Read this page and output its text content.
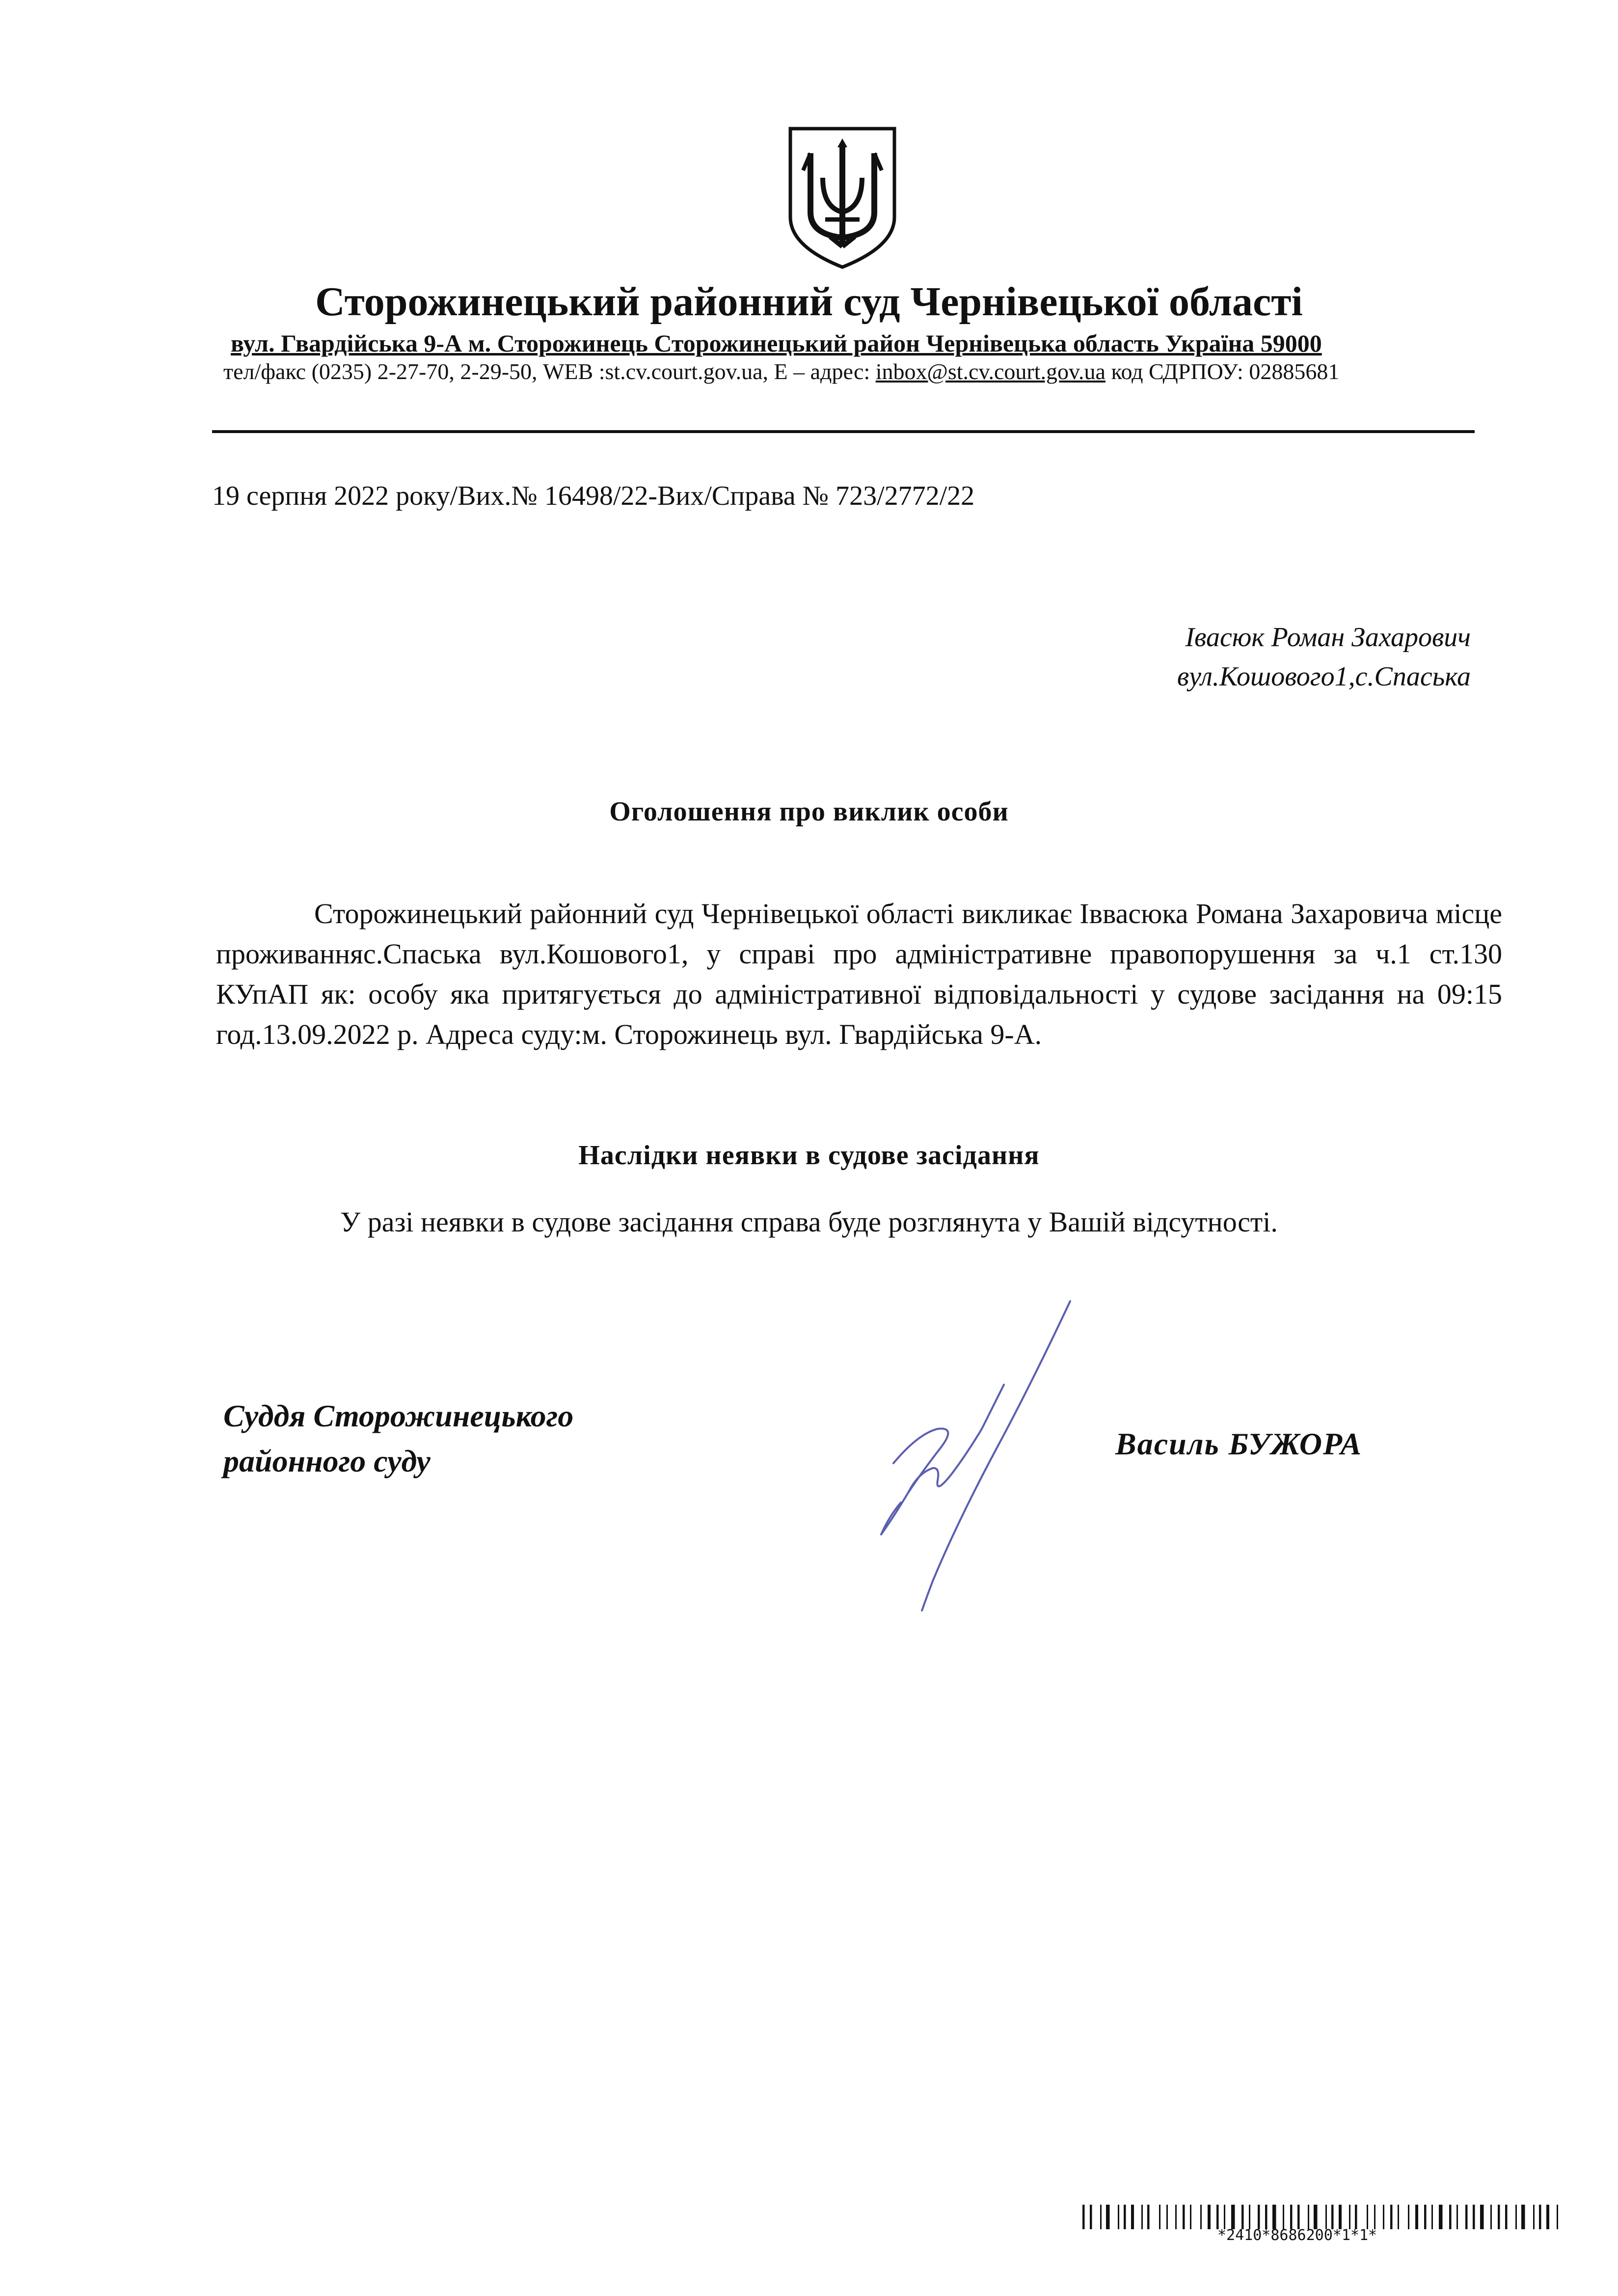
Сторожинецький районний суд Чернівецької області
вул. Гвардійська 9-А м. Сторожинець Сторожинецький район Чернівецька область Україна 59000
тел/факс (0235) 2-27-70, 2-29-50, WEB :st.cv.court.gov.ua, E – адрес: inbox@st.cv.court.gov.ua код СДРПОУ: 02885681
19 серпня 2022 року/Вих.№ 16498/22-Вих/Справа № 723/2772/22
Івасюк Роман Захарович
вул.Кошового1,с.Спаська
Оголошення про виклик особи
Сторожинецький районний суд Чернівецької області викликає Іввасюка Романа Захаровича місце проживанняс.Спаська вул.Кошового1, у справі про адміністративне правопорушення за ч.1 ст.130 КУпАП як: особу яка притягується до адміністративної відповідальності у судове засідання на 09:15 год.13.09.2022 р. Адреса суду:м. Сторожинець вул. Гвардійська 9-А.
Наслідки неявки в судове засідання
У разі неявки в судове засідання справа буде розглянута у Вашій відсутності.
Суддя Сторожинецького
районного суду	Василь БУЖОРА
*2410*8686200*1*1*
